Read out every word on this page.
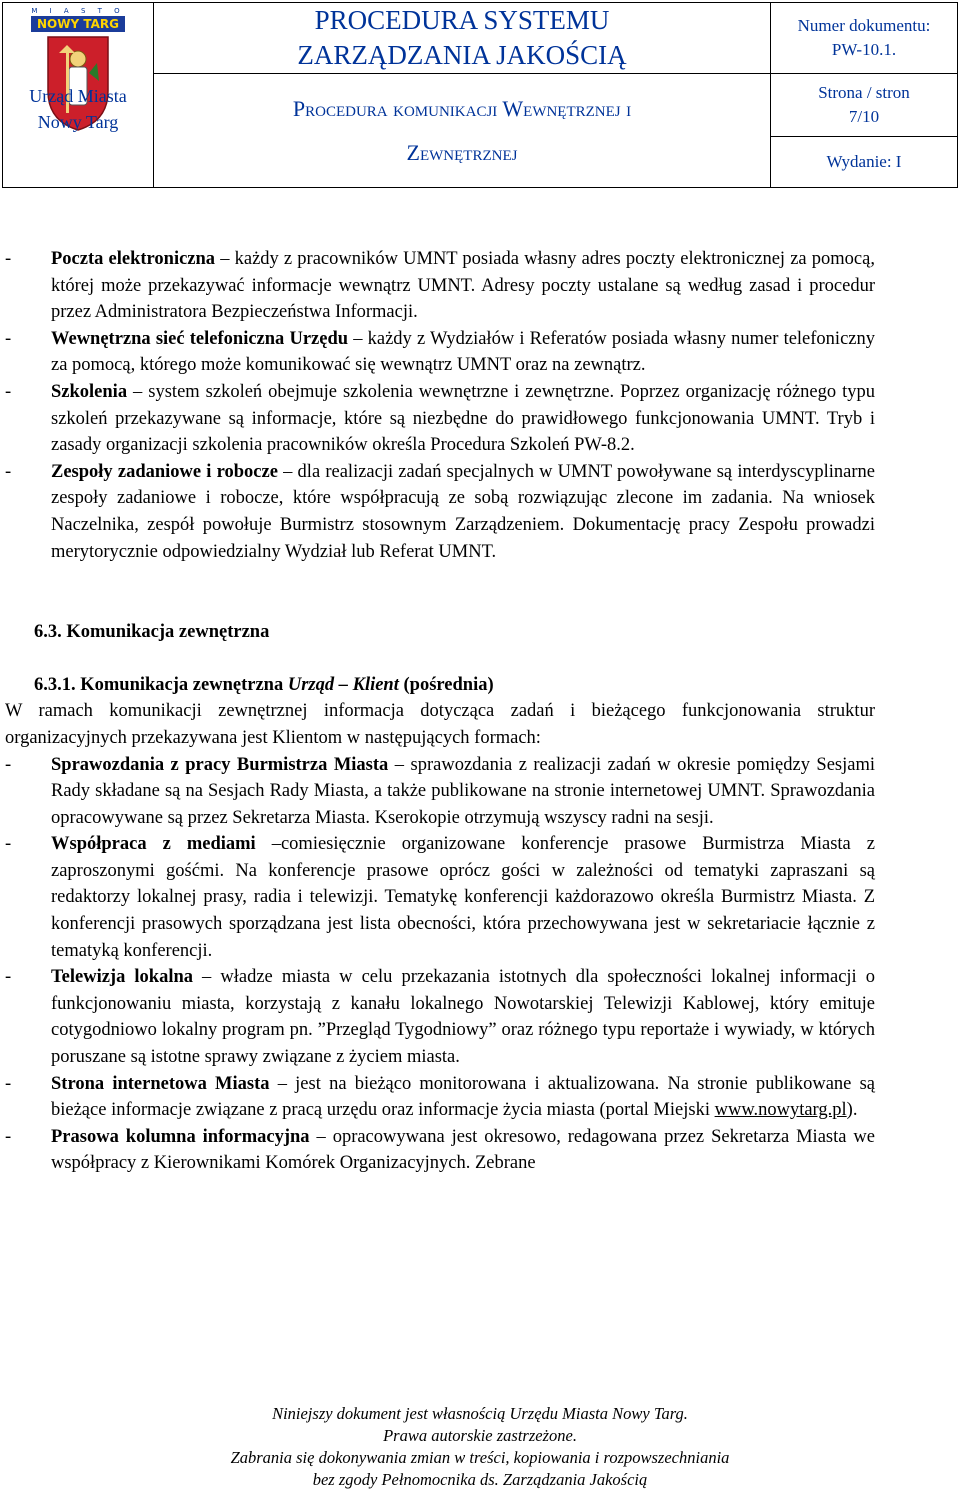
M I A S T O
NOWY TARG
Urząd Miasta
Nowy Targ
PROCEDURA SYSTEMU
ZARZĄDZANIA JAKOŚCIĄ
Procedura komunikacji Wewnętrznej i
Zewnętrznej
Numer dokumentu:
PW-10.1.
Strona / stron
7/10
Wydanie: I
-	Poczta elektroniczna – każdy z pracowników UMNT posiada własny adres poczty elektronicznej za pomocą, której może przekazywać informacje wewnątrz UMNT. Adresy poczty ustalane są według zasad i procedur przez Administratora Bezpieczeństwa Informacji.
-	Wewnętrzna sieć telefoniczna Urzędu – każdy z Wydziałów i Referatów posiada własny numer telefoniczny za pomocą, którego może komunikować się wewnątrz UMNT oraz na zewnątrz.
-	Szkolenia – system szkoleń obejmuje szkolenia wewnętrzne i zewnętrzne. Poprzez organizację różnego typu szkoleń przekazywane są informacje, które są niezbędne do prawidłowego funkcjonowania UMNT. Tryb i zasady organizacji szkolenia pracowników określa Procedura Szkoleń PW-8.2.
-	Zespoły zadaniowe i robocze – dla realizacji zadań specjalnych w UMNT powoływane są interdyscyplinarne zespoły zadaniowe i robocze, które współpracują ze sobą rozwiązując zlecone im zadania. Na wniosek Naczelnika, zespół powołuje Burmistrz stosownym Zarządzeniem. Dokumentację pracy Zespołu prowadzi merytorycznie odpowiedzialny Wydział lub Referat UMNT.
6.3. Komunikacja zewnętrzna
6.3.1. Komunikacja zewnętrzna Urząd – Klient (pośrednia)
W ramach komunikacji zewnętrznej informacja dotycząca zadań i bieżącego funkcjonowania struktur organizacyjnych przekazywana jest Klientom w następujących formach:
-	Sprawozdania z pracy Burmistrza Miasta – sprawozdania z realizacji zadań w okresie pomiędzy Sesjami Rady składane są na Sesjach Rady Miasta, a także publikowane na stronie internetowej UMNT. Sprawozdania opracowywane są przez Sekretarza Miasta. Kserokopie otrzymują wszyscy radni na sesji.
-	Współpraca z mediami –comiesięcznie organizowane konferencje prasowe Burmistrza Miasta z zaproszonymi gośćmi. Na konferencje prasowe oprócz gości w zależności od tematyki zapraszani są redaktorzy lokalnej prasy, radia i telewizji. Tematykę konferencji każdorazowo określa Burmistrz Miasta. Z konferencji prasowych sporządzana jest lista obecności, która przechowywana jest w sekretariacie łącznie z tematyką konferencji.
-	Telewizja lokalna – władze miasta w celu przekazania istotnych dla społeczności lokalnej informacji o funkcjonowaniu miasta, korzystają z kanału lokalnego Nowotarskiej Telewizji Kablowej, który emituje cotygodniowo lokalny program pn. ˮPrzegląd Tygodniowyˮ oraz różnego typu reportaże i wywiady, w których poruszane są istotne sprawy związane z życiem miasta.
-	Strona internetowa Miasta – jest na bieżąco monitorowana i aktualizowana. Na stronie publikowane są bieżące informacje związane z pracą urzędu oraz informacje życia miasta (portal Miejski www.nowytarg.pl).
-	Prasowa kolumna informacyjna – opracowywana jest okresowo, redagowana przez Sekretarza Miasta we współpracy z Kierownikami Komórek Organizacyjnych. Zebrane
Niniejszy dokument jest własnością Urzędu Miasta Nowy Targ.
Prawa autorskie zastrzeżone.
Zabrania się dokonywania zmian w treści, kopiowania i rozpowszechniania
bez zgody Pełnomocnika ds. Zarządzania Jakością
